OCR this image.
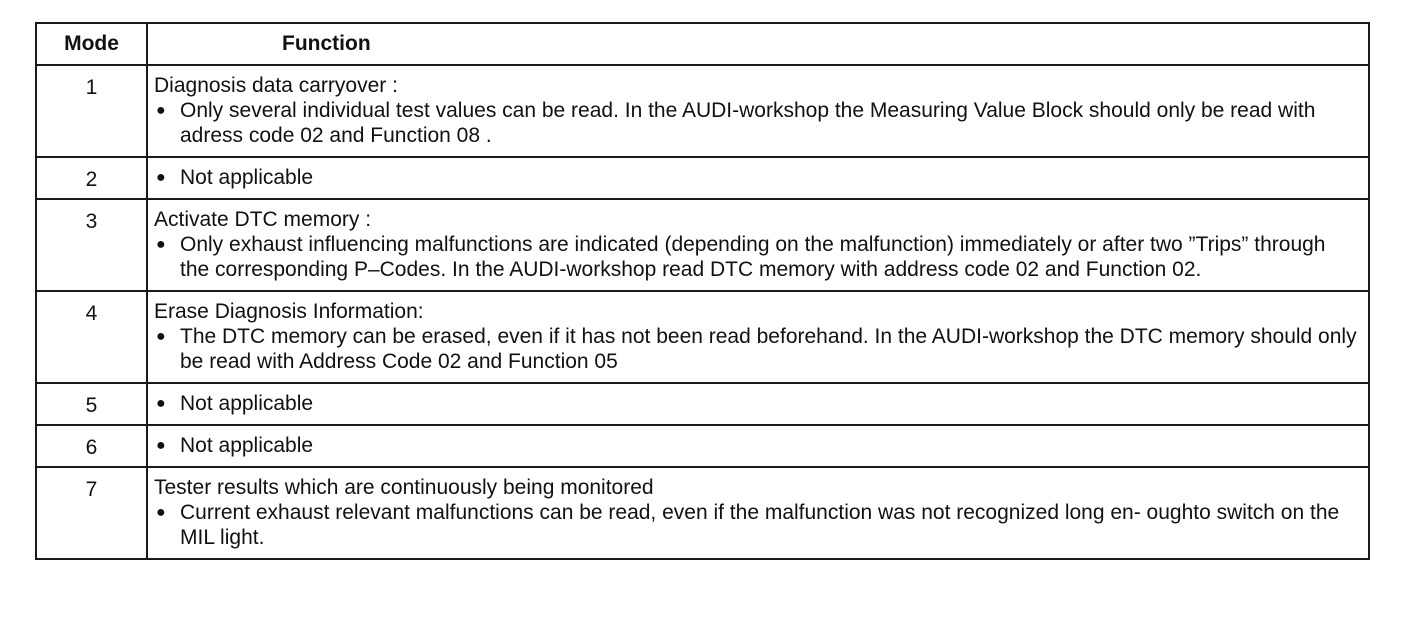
Mode	Function
1	Diagnosis data carryover :
● Only several individual test values can be read. In the AUDI-workshop the Measuring Value Block should only be read with adress code 02 and Function 08 .

2	● Not applicable

3	Activate DTC memory :
● Only exhaust influencing malfunctions are indicated (depending on the malfunction) immediately or after two ”Trips” through the corresponding P–Codes. In the AUDI-workshop read DTC memory with address code 02 and Function 02.

4	Erase Diagnosis Information:
● The DTC memory can be erased, even if it has not been read beforehand. In the AUDI-workshop the DTC memory should only be read with Address Code 02 and Function 05

5	● Not applicable

6	● Not applicable

7	Tester results which are continuously being monitored
● Current exhaust relevant malfunctions can be read, even if the malfunction was not recognized long en- oughto switch on the MIL light.
